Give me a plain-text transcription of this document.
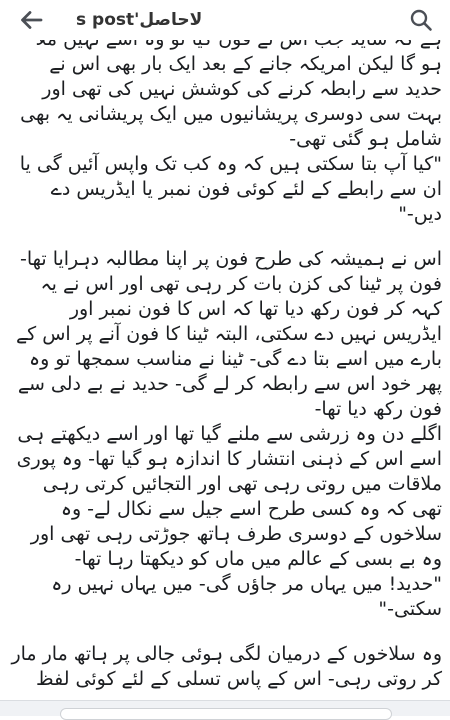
لاحاصل's post

ہو گا لیکن امریکہ جانے کے بعد ایک بار بھی اس نے حدید سے رابطہ کرنے کی کوشش نہیں کی تھی اور بہت سی دوسری پریشانیوں میں ایک پریشانی یہ بھی شامل ہو گئی تھی-

"کیا آپ بتا سکتی ہیں کہ وہ کب تک واپس آئیں گی یا ان سے رابطے کے لئے کوئی فون نمبر یا ایڈریس دے دیں-"

اس نے ہمیشہ کی طرح فون پر اپنا مطالبہ دہرایا تھا- فون پر ٹینا کی کزن بات کر رہی تھی اور اس نے یہ کہہ کر فون رکھ دیا تھا کہ اس کا فون نمبر اور ایڈریس نہیں دے سکتی، البتہ ٹینا کا فون آنے پر اس کے بارے میں اسے بتا دے گی- ٹینا نے مناسب سمجھا تو وہ پھر خود اس سے رابطہ کر لے گی- حدید نے بے دلی سے فون رکھ دیا تھا-

اگلے دن وہ زرشی سے ملنے گیا تھا اور اسے دیکھتے ہی اسے اس کے ذہنی انتشار کا اندازہ ہو گیا تھا- وہ پوری ملاقات میں روتی رہی تھی اور التجائیں کرتی رہی تھی کہ وہ کسی طرح اسے جیل سے نکال لے- وہ سلاخوں کے دوسری طرف ہاتھ جوڑتی رہی تھی اور وہ بے بسی کے عالم میں ماں کو دیکھتا رہا تھا-

"حدید! میں یہاں مر جاؤں گی- میں یہاں نہیں رہ سکتی-"

وہ سلاخوں کے درمیان لگی ہوئی جالی پر ہاتھ مار مار کر روتی رہی- اس کے پاس تسلی کے لئے کوئی لفظ
